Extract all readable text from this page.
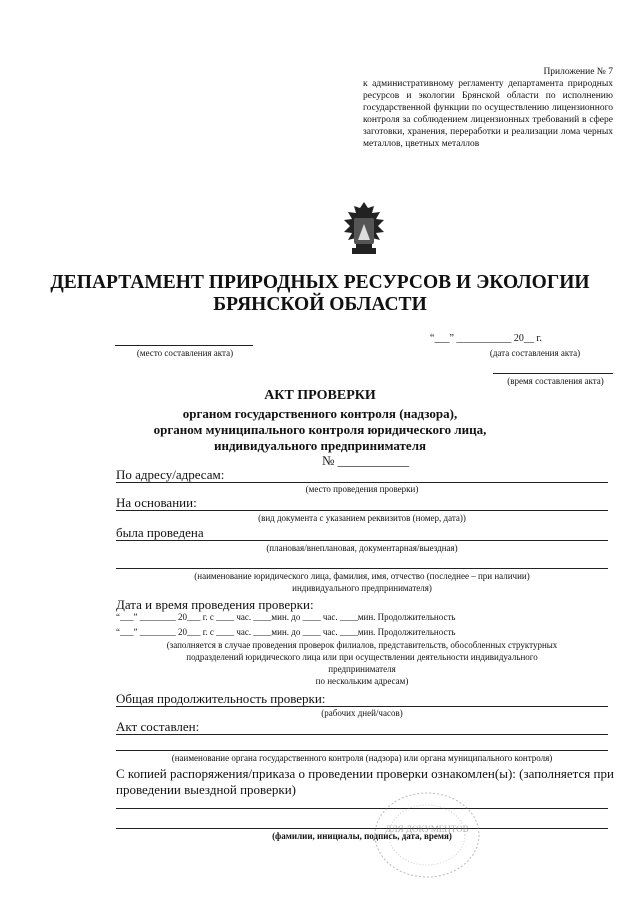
Приложение № 7
к административному регламенту департамента природных ресурсов и экологии Брянской области по исполнению государственной функции по осуществлению лицензионного контроля за соблюдением лицензионных требований в сфере заготовки, хранения, переработки и реализации лома черных металлов, цветных металлов
ДЕПАРТАМЕНТ ПРИРОДНЫХ РЕСУРСОВ И ЭКОЛОГИИ
БРЯНСКОЙ ОБЛАСТИ
(место составления акта)
“___” ___________ 20__ г.
(дата составления акта)
(время составления акта)
АКТ ПРОВЕРКИ
органом государственного контроля (надзора),
органом муниципального контроля юридического лица,
индивидуального предпринимателя
№ ___________
По адресу/адресам:
(место проведения проверки)
На основании:
(вид документа с указанием реквизитов (номер, дата))
была проведена
(плановая/внеплановая, документарная/выездная)
(наименование юридического лица, фамилия, имя, отчество (последнее – при наличии)
индивидуального предпринимателя)
Дата и время проведения проверки:
“___” ________ 20___ г. с ____ час. ____мин. до ____ час. ____мин. Продолжительность
“___” ________ 20___ г. с ____ час. ____мин. до ____ час. ____мин. Продолжительность
(заполняется в случае проведения проверок филиалов, представительств, обособленных структурных
подразделений юридического лица или при осуществлении деятельности индивидуального
предпринимателя
по нескольким адресам)
Общая продолжительность проверки:
(рабочих дней/часов)
Акт составлен:
(наименование органа государственного контроля (надзора) или органа муниципального контроля)
С копией распоряжения/приказа о проведении проверки ознакомлен(ы): (заполняется при
проведении выездной проверки)
(фамилии, инициалы, подпись, дата, время)
ДЛЯ ДОКУМЕНТОВ
